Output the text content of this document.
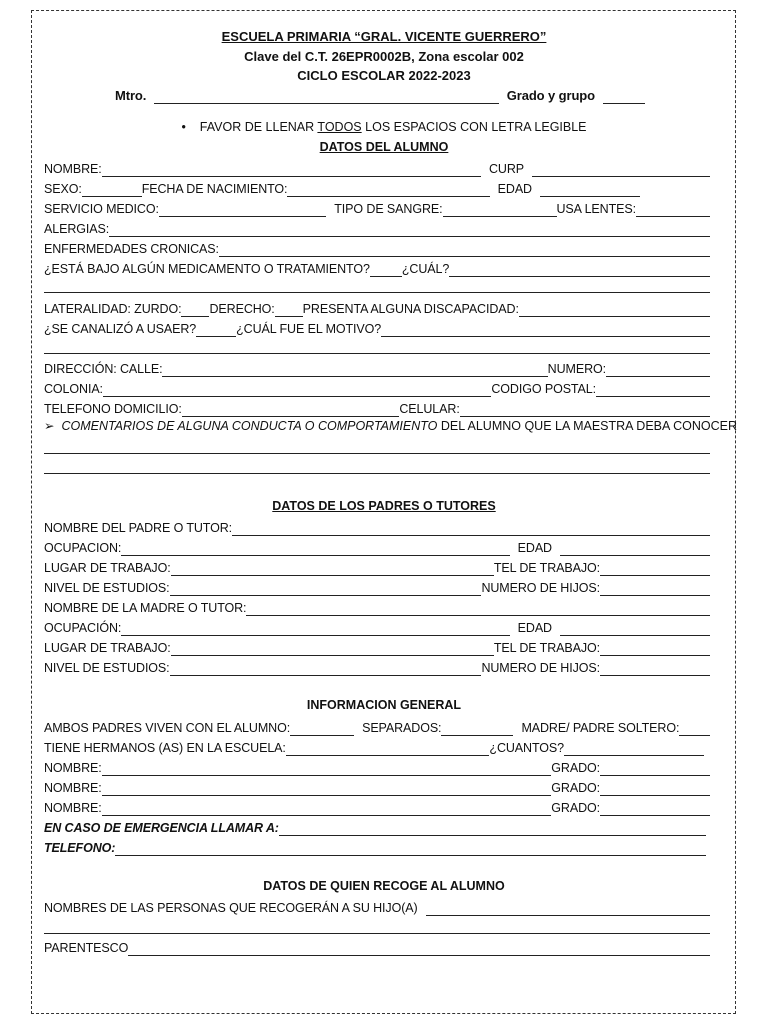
ESCUELA PRIMARIA “GRAL. VICENTE GUERRERO”
Clave del C.T. 26EPR0002B, Zona escolar 002
CICLO ESCOLAR 2022-2023
Mtro.	Grado y grupo
• FAVOR DE LLENAR TODOS LOS ESPACIOS CON LETRA LEGIBLE
DATOS DEL ALUMNO
NOMBRE:	CURP
SEXO:	FECHA DE NACIMIENTO:	EDAD
SERVICIO MEDICO:	TIPO DE SANGRE:	USA LENTES:
ALERGIAS:
ENFERMEDADES CRONICAS:
¿ESTÁ BAJO ALGÚN MEDICAMENTO O TRATAMIENTO?	¿CUÁL?
LATERALIDAD: ZURDO: DERECHO: PRESENTA ALGUNA DISCAPACIDAD:
¿SE CANALIZÓ A USAER?	¿CUÁL FUE EL MOTIVO?
DIRECCIÓN: CALLE:	NUMERO:
COLONIA:	CODIGO POSTAL:
TELEFONO DOMICILIO:	CELULAR:
➢ COMENTARIOS DE ALGUNA CONDUCTA O COMPORTAMIENTO DEL ALUMNO QUE LA MAESTRA DEBA CONOCER
DATOS DE LOS PADRES O TUTORES
NOMBRE DEL PADRE O TUTOR:
OCUPACION:	EDAD
LUGAR DE TRABAJO:	TEL DE TRABAJO:
NIVEL DE ESTUDIOS:	NUMERO DE HIJOS:
NOMBRE DE LA MADRE O TUTOR:
OCUPACIÓN:	EDAD
LUGAR DE TRABAJO:	TEL DE TRABAJO:
NIVEL DE ESTUDIOS:	NUMERO DE HIJOS:
INFORMACION GENERAL
AMBOS PADRES VIVEN CON EL ALUMNO:	SEPARADOS:	MADRE/ PADRE SOLTERO:
TIENE HERMANOS (AS) EN LA ESCUELA:	¿CUANTOS?
NOMBRE:	GRADO:
NOMBRE:	GRADO:
NOMBRE:	GRADO:
EN CASO DE EMERGENCIA LLAMAR A:
TELEFONO:
DATOS DE QUIEN RECOGE AL ALUMNO
NOMBRES DE LAS PERSONAS QUE RECOGERÁN A SU HIJO(A)
PARENTESCO
